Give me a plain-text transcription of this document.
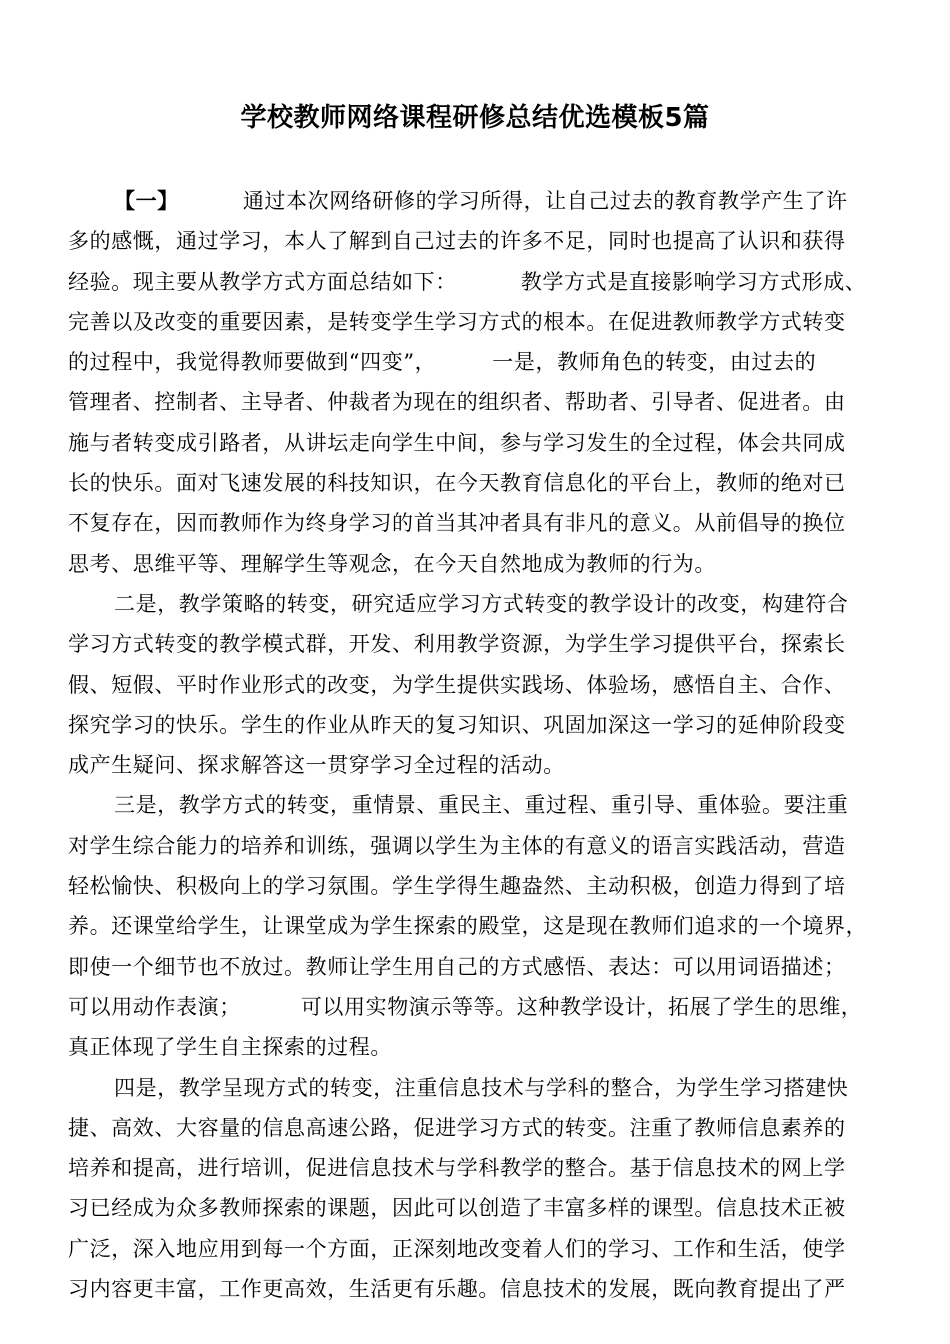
学校教师网络课程研修总结优选模板5篇
【一】	通过本次网络研修的学习所得，让自己过去的教育教学产生了许
多的感慨，通过学习，本人了解到自己过去的许多不足，同时也提高了认识和获得
经验。现主要从教学方式方面总结如下：	教学方式是直接影响学习方式形成、
完善以及改变的重要因素，是转变学生学习方式的根本。在促进教师教学方式转变
的过程中，我觉得教师要做到“四变”，	一是，教师角色的转变，由过去的
管理者、控制者、主导者、仲裁者为现在的组织者、帮助者、引导者、促进者。由
施与者转变成引路者，从讲坛走向学生中间，参与学习发生的全过程，体会共同成
长的快乐。面对飞速发展的科技知识，在今天教育信息化的平台上，教师的绝对已
不复存在，因而教师作为终身学习的首当其冲者具有非凡的意义。从前倡导的换位
思考、思维平等、理解学生等观念，在今天自然地成为教师的行为。
二是，教学策略的转变，研究适应学习方式转变的教学设计的改变，构建符合
学习方式转变的教学模式群，开发、利用教学资源，为学生学习提供平台，探索长
假、短假、平时作业形式的改变，为学生提供实践场、体验场，感悟自主、合作、
探究学习的快乐。学生的作业从昨天的复习知识、巩固加深这一学习的延伸阶段变
成产生疑问、探求解答这一贯穿学习全过程的活动。
三是，教学方式的转变，重情景、重民主、重过程、重引导、重体验。要注重
对学生综合能力的培养和训练，强调以学生为主体的有意义的语言实践活动，营造
轻松愉快、积极向上的学习氛围。学生学得生趣盎然、主动积极，创造力得到了培
养。还课堂给学生，让课堂成为学生探索的殿堂，这是现在教师们追求的一个境界，
即使一个细节也不放过。教师让学生用自己的方式感悟、表达：可以用词语描述；
可以用动作表演；	可以用实物演示等等。这种教学设计，拓展了学生的思维，
真正体现了学生自主探索的过程。
四是，教学呈现方式的转变，注重信息技术与学科的整合，为学生学习搭建快
捷、高效、大容量的信息高速公路，促进学习方式的转变。注重了教师信息素养的
培养和提高，进行培训，促进信息技术与学科教学的整合。基于信息技术的网上学
习已经成为众多教师探索的课题，因此可以创造了丰富多样的课型。信息技术正被
广泛，深入地应用到每一个方面，正深刻地改变着人们的学习、工作和生活，使学
习内容更丰富，工作更高效，生活更有乐趣。信息技术的发展，既向教育提出了严
